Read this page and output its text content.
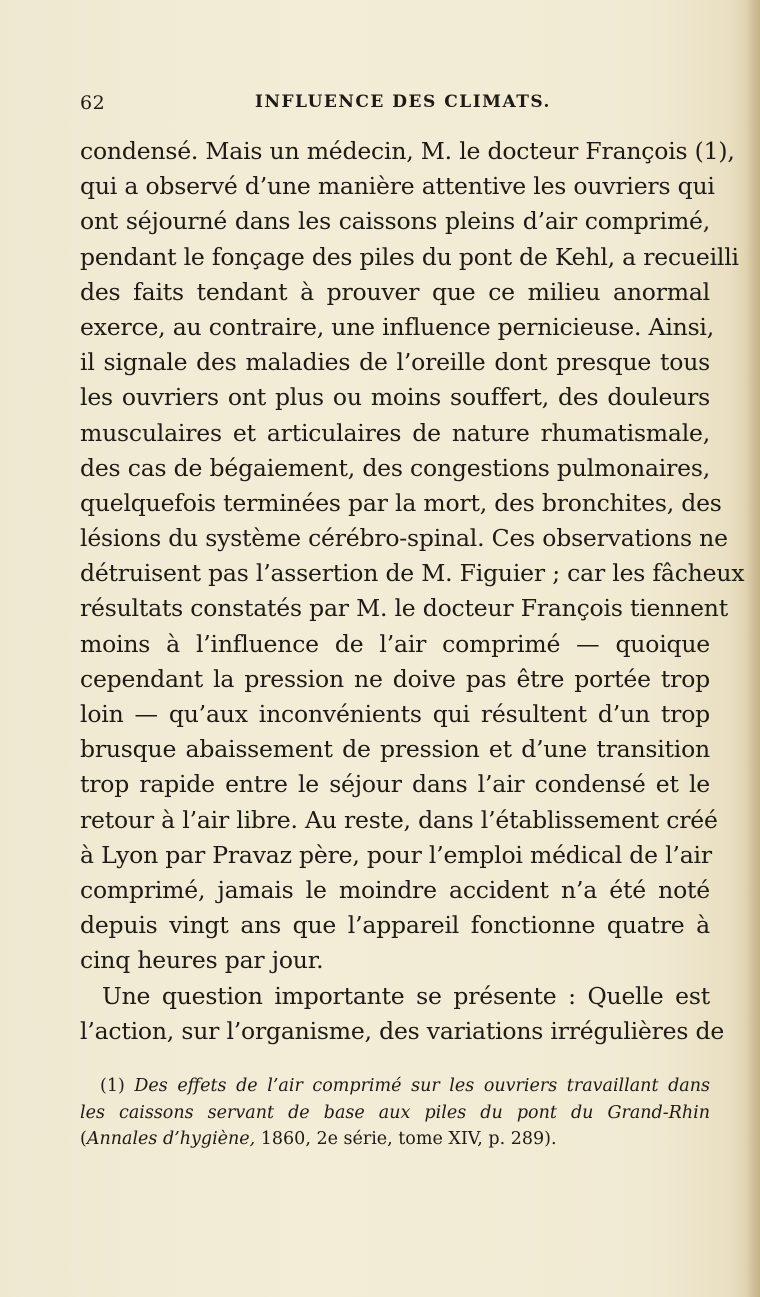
62	INFLUENCE DES CLIMATS.
condensé. Mais un médecin, M. le docteur François (1),
qui a observé d’une manière attentive les ouvriers qui
ont séjourné dans les caissons pleins d’air comprimé,
pendant le fonçage des piles du pont de Kehl, a recueilli
des faits tendant à prouver que ce milieu anormal
exerce, au contraire, une influence pernicieuse. Ainsi,
il signale des maladies de l’oreille dont presque tous
les ouvriers ont plus ou moins souffert, des douleurs
musculaires et articulaires de nature rhumatismale,
des cas de bégaiement, des congestions pulmonaires,
quelquefois terminées par la mort, des bronchites, des
lésions du système cérébro-spinal. Ces observations ne
détruisent pas l’assertion de M. Figuier ; car les fâcheux
résultats constatés par M. le docteur François tiennent
moins à l’influence de l’air comprimé — quoique
cependant la pression ne doive pas être portée trop
loin — qu’aux inconvénients qui résultent d’un trop
brusque abaissement de pression et d’une transition
trop rapide entre le séjour dans l’air condensé et le
retour à l’air libre. Au reste, dans l’établissement créé
à Lyon par Pravaz père, pour l’emploi médical de l’air
comprimé, jamais le moindre accident n’a été noté
depuis vingt ans que l’appareil fonctionne quatre à
cinq heures par jour.
Une question importante se présente : Quelle est
l’action, sur l’organisme, des variations irrégulières de
(1) Des effets de l’air comprimé sur les ouvriers travaillant dans
les caissons servant de base aux piles du pont du Grand-Rhin
(Annales d’hygiène, 1860, 2e série, tome XIV, p. 289).
